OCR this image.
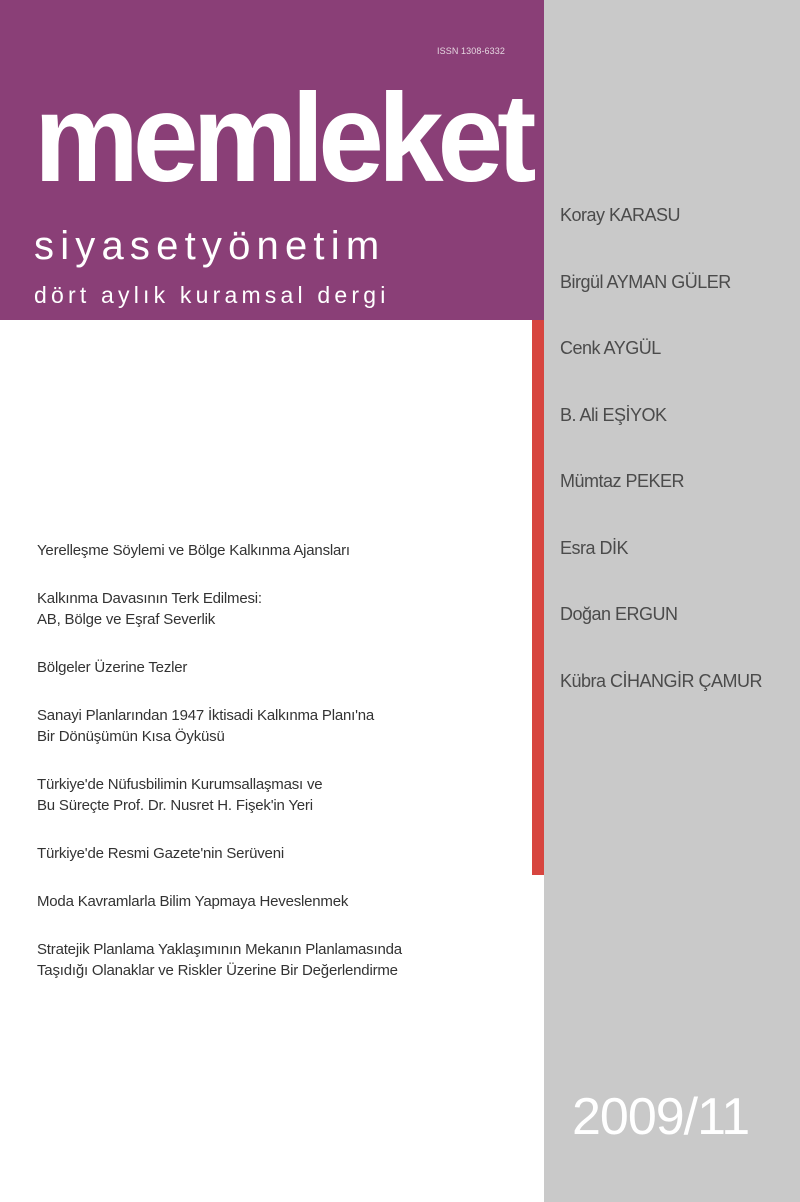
ISSN 1308-6332
memleket
siyasetyönetim
dört aylık kuramsal dergi
Koray KARASU
Birgül AYMAN GÜLER
Cenk AYGÜL
B. Ali EŞİYOK
Mümtaz PEKER
Esra DİK
Doğan ERGUN
Kübra CİHANGİR ÇAMUR
Yerelleşme Söylemi ve Bölge Kalkınma Ajansları
Kalkınma Davasının Terk Edilmesi:
AB, Bölge ve Eşraf Severlik
Bölgeler Üzerine Tezler
Sanayi Planlarından 1947 İktisadi Kalkınma Planı'na
Bir Dönüşümün Kısa Öyküsü
Türkiye'de Nüfusbilimin Kurumsallaşması ve
Bu Süreçte Prof. Dr. Nusret H. Fişek'in Yeri
Türkiye'de Resmi Gazete'nin Serüveni
Moda Kavramlarla Bilim Yapmaya Heveslenmek
Stratejik Planlama Yaklaşımının Mekanın Planlamasında
Taşıdığı Olanaklar ve Riskler Üzerine Bir Değerlendirme
2009/11
